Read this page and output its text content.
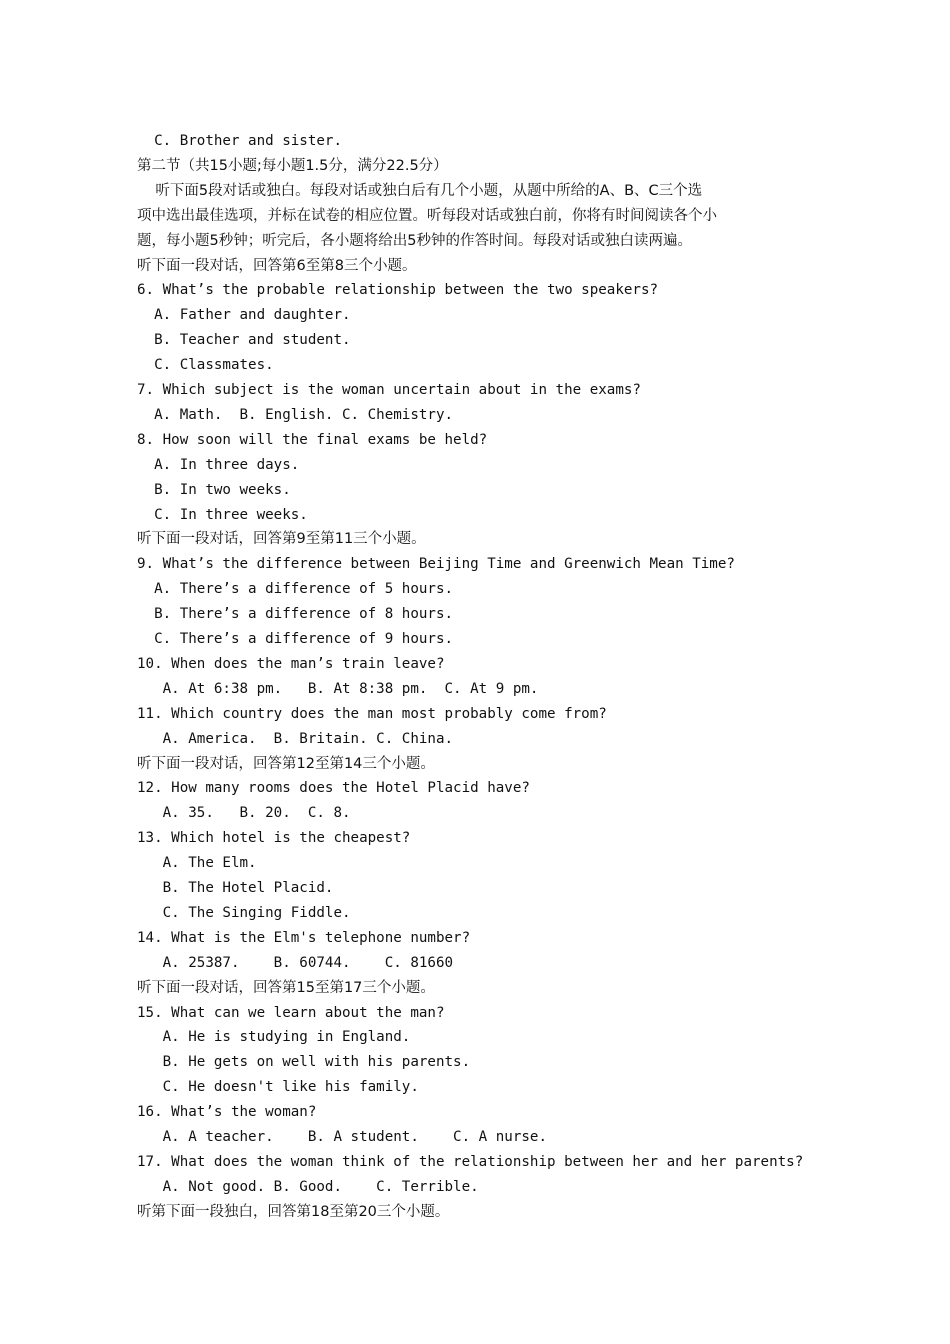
C. Brother and sister.
第二节（共15小题;每小题1.5分，满分22.5分）
听下面5段对话或独白。每段对话或独白后有几个小题，从题中所给的A、B、C三个选
项中选出最佳选项，并标在试卷的相应位置。听每段对话或独白前，你将有时间阅读各个小
题，每小题5秒钟；听完后，各小题将给出5秒钟的作答时间。每段对话或独白读两遍。
听下面一段对话，回答第6至第8三个小题。
6. What’s the probable relationship between the two speakers?
A. Father and daughter.
B. Teacher and student.
C. Classmates.
7. Which subject is the woman uncertain about in the exams?
A. Math.  B. English. C. Chemistry.
8. How soon will the final exams be held?
A. In three days.
B. In two weeks.
C. In three weeks.
听下面一段对话，回答第9至第11三个小题。
9. What’s the difference between Beijing Time and Greenwich Mean Time?
A. There’s a difference of 5 hours.
B. There’s a difference of 8 hours.
C. There’s a difference of 9 hours.
10. When does the man’s train leave?
A. At 6:38 pm.   B. At 8:38 pm.  C. At 9 pm.
11. Which country does the man most probably come from?
A. America.  B. Britain. C. China.
听下面一段对话，回答第12至第14三个小题。
12. How many rooms does the Hotel Placid have?
A. 35.   B. 20.  C. 8.
13. Which hotel is the cheapest?
A. The Elm.
B. The Hotel Placid.
C. The Singing Fiddle.
14. What is the Elm's telephone number?
A. 25387.    B. 60744.    C. 81660
听下面一段对话，回答第15至第17三个小题。
15. What can we learn about the man?
A. He is studying in England.
B. He gets on well with his parents.
C. He doesn't like his family.
16. What’s the woman?
A. A teacher.    B. A student.    C. A nurse.
17. What does the woman think of the relationship between her and her parents?
A. Not good. B. Good.    C. Terrible.
听第下面一段独白，回答第18至第20三个小题。
